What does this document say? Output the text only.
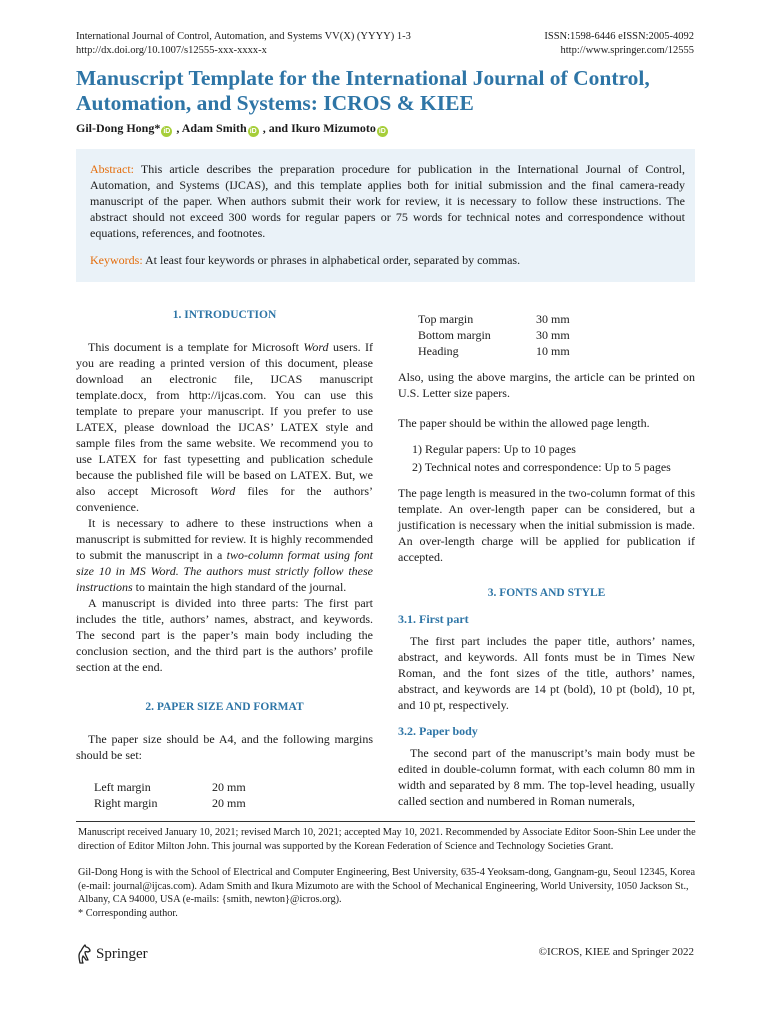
International Journal of Control, Automation, and Systems VV(X) (YYYY) 1-3
http://dx.doi.org/10.1007/s12555-xxx-xxxx-x
ISSN:1598-6446 eISSN:2005-4092
http://www.springer.com/12555
Manuscript Template for the International Journal of Control, Automation, and Systems: ICROS & KIEE
Gil-Dong Hong* iD , Adam Smith iD , and Ikuro Mizumoto iD

Abstract: This article describes the preparation procedure for publication in the International Journal of Control, Automation, and Systems (IJCAS), and this template applies both for initial submission and the final camera-ready manuscript of the paper. When authors submit their work for review, it is necessary to follow these instructions. The abstract should not exceed 300 words for regular papers or 75 words for technical notes and correspondence without equations, references, and footnotes.

Keywords: At least four keywords or phrases in alphabetical order, separated by commas.

1. INTRODUCTION

This document is a template for Microsoft Word users. If you are reading a printed version of this document, please download an electronic file, IJCAS manuscript template.docx, from http://ijcas.com. You can use this template to prepare your manuscript. If you prefer to use LATEX, please download the IJCAS’ LATEX style and sample files from the same website. We recommend you to use LATEX for fast typesetting and publication schedule because the published file will be based on LATEX. But, we also accept Microsoft Word files for the authors’ convenience.

It is necessary to adhere to these instructions when a manuscript is submitted for review. It is highly recommended to submit the manuscript in a two-column format using font size 10 in MS Word. The authors must strictly follow these instructions to maintain the high standard of the journal.

A manuscript is divided into three parts: The first part includes the title, authors’ names, abstract, and keywords. The second part is the paper’s main body including the conclusion section, and the third part is the authors’ profile section at the end.

2. PAPER SIZE AND FORMAT

The paper size should be A4, and the following margins should be set:

Left margin	20 mm
Right margin	20 mm
Top margin	30 mm
Bottom margin	30 mm
Heading	10 mm

Also, using the above margins, the article can be printed on U.S. Letter size papers.

The paper should be within the allowed page length.

1) Regular papers: Up to 10 pages
2) Technical notes and correspondence: Up to 5 pages

The page length is measured in the two-column format of this template. An over-length paper can be considered, but a justification is necessary when the initial submission is made. An over-length charge will be applied for publication if accepted.

3. FONTS AND STYLE
3.1. First part

The first part includes the paper title, authors’ names, abstract, and keywords. All fonts must be in Times New Roman, and the font sizes of the title, authors’ names, abstract, and keywords are 14 pt (bold), 10 pt (bold), 10 pt, and 10 pt, respectively.

3.2. Paper body

The second part of the manuscript’s main body must be edited in double-column format, with each column 80 mm in width and separated by 8 mm. The top-level heading, usually called section and numbered in Roman numerals,

Manuscript received January 10, 2021; revised March 10, 2021; accepted May 10, 2021. Recommended by Associate Editor Soon-Shin Lee under the direction of Editor Milton John. This journal was supported by the Korean Federation of Science and Technology Societies Grant.

Gil-Dong Hong is with the School of Electrical and Computer Engineering, Best University, 635-4 Yeoksam-dong, Gangnam-gu, Seoul 12345, Korea (e-mail: journal@ijcas.com). Adam Smith and Ikura Mizumoto are with the School of Mechanical Engineering, World University, 1050 Jackson St., Albany, CA 94000, USA (e-mails: {smith, newton}@icros.org).

* Corresponding author.

Springer	©ICROS, KIEE and Springer 2022
